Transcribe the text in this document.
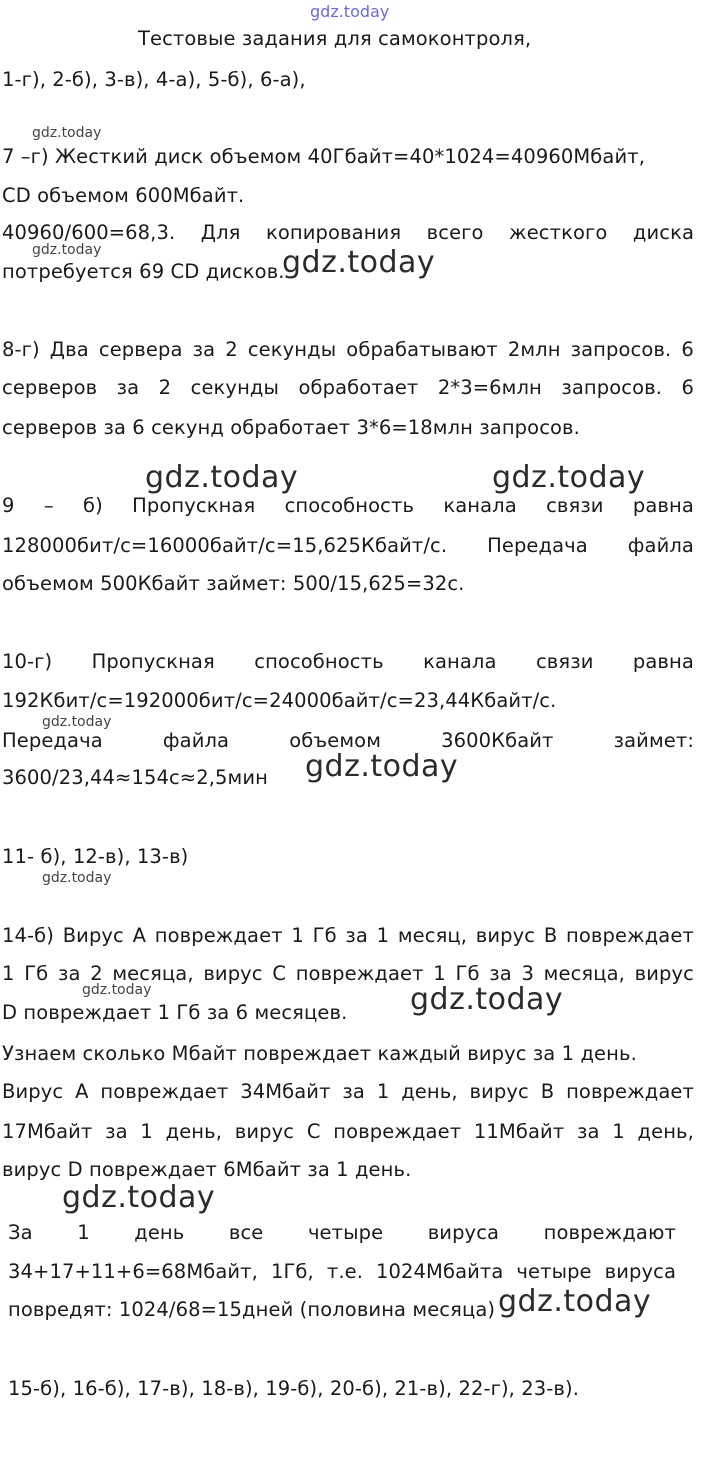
gdz.today
gdz.today
gdz.today	gdz.today
gdz.today	gdz.today
gdz.today
gdz.today
gdz.today
gdz.today	gdz.today
gdz.today
gdz.today
Тестовые задания для самоконтроля,
1-г), 2-б), 3-в), 4-а), 5-б), 6-а),
7 –г) Жесткий диск объемом 40Гбайт=40*1024=40960Мбайт,
CD объемом 600Мбайт.
40960/600=68,3. Для копирования всего жесткого диска
потребуется 69 CD дисков.
8-г) Два сервера за 2 секунды обрабатывают 2млн запросов. 6
серверов за 2 секунды обработает 2*3=6млн запросов. 6
серверов за 6 секунд обработает 3*6=18млн запросов.
9 – б) Пропускная способность канала связи равна
128000бит/с=16000байт/с=15,625Кбайт/с. Передача файла
объемом 500Кбайт займет: 500/15,625=32с.
10-г) Пропускная способность канала связи равна
192Кбит/с=192000бит/с=24000байт/с=23,44Кбайт/с.
Передача	файла	объемом	3600Кбайт	займет:
3600/23,44≈154с≈2,5мин
11- б), 12-в), 13-в)
14-б) Вирус А повреждает 1 Гб за 1 месяц, вирус В повреждает
1 Гб за 2 месяца, вирус С повреждает 1 Гб за 3 месяца, вирус
D повреждает 1 Гб за 6 месяцев.
Узнаем сколько Мбайт повреждает каждый вирус за 1 день.
Вирус А повреждает 34Мбайт за 1 день, вирус В повреждает
17Мбайт за 1 день, вирус С повреждает 11Мбайт за 1 день,
вирус D повреждает 6Мбайт за 1 день.
За 1 день все четыре вируса повреждают
34+17+11+6=68Мбайт, 1Гб, т.е. 1024Мбайта четыре вируса
повредят: 1024/68=15дней (половина месяца)
15-б), 16-б), 17-в), 18-в), 19-б), 20-б), 21-в), 22-г), 23-в).
